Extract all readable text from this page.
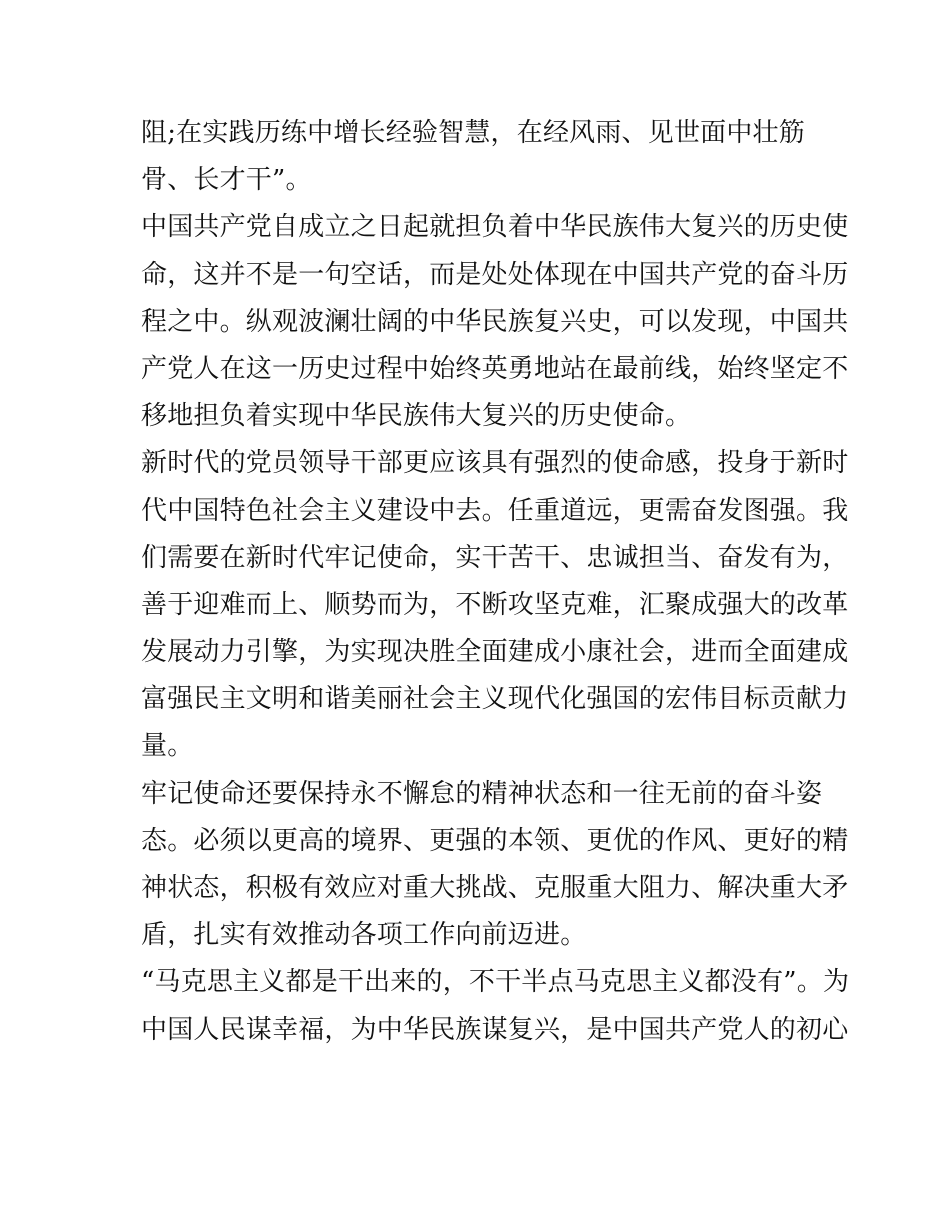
阻;在实践历练中增长经验智慧，在经风雨、见世面中壮筋
骨、长才干”。
中国共产党自成立之日起就担负着中华民族伟大复兴的历史使
命，这并不是一句空话，而是处处体现在中国共产党的奋斗历
程之中。纵观波澜壮阔的中华民族复兴史，可以发现，中国共
产党人在这一历史过程中始终英勇地站在最前线，始终坚定不
移地担负着实现中华民族伟大复兴的历史使命。
新时代的党员领导干部更应该具有强烈的使命感，投身于新时
代中国特色社会主义建设中去。任重道远，更需奋发图强。我
们需要在新时代牢记使命，实干苦干、忠诚担当、奋发有为，
善于迎难而上、顺势而为，不断攻坚克难，汇聚成强大的改革
发展动力引擎，为实现决胜全面建成小康社会，进而全面建成
富强民主文明和谐美丽社会主义现代化强国的宏伟目标贡献力
量。
牢记使命还要保持永不懈怠的精神状态和一往无前的奋斗姿
态。必须以更高的境界、更强的本领、更优的作风、更好的精
神状态，积极有效应对重大挑战、克服重大阻力、解决重大矛
盾，扎实有效推动各项工作向前迈进。
“马克思主义都是干出来的，不干半点马克思主义都没有”。为
中国人民谋幸福，为中华民族谋复兴，是中国共产党人的初心
